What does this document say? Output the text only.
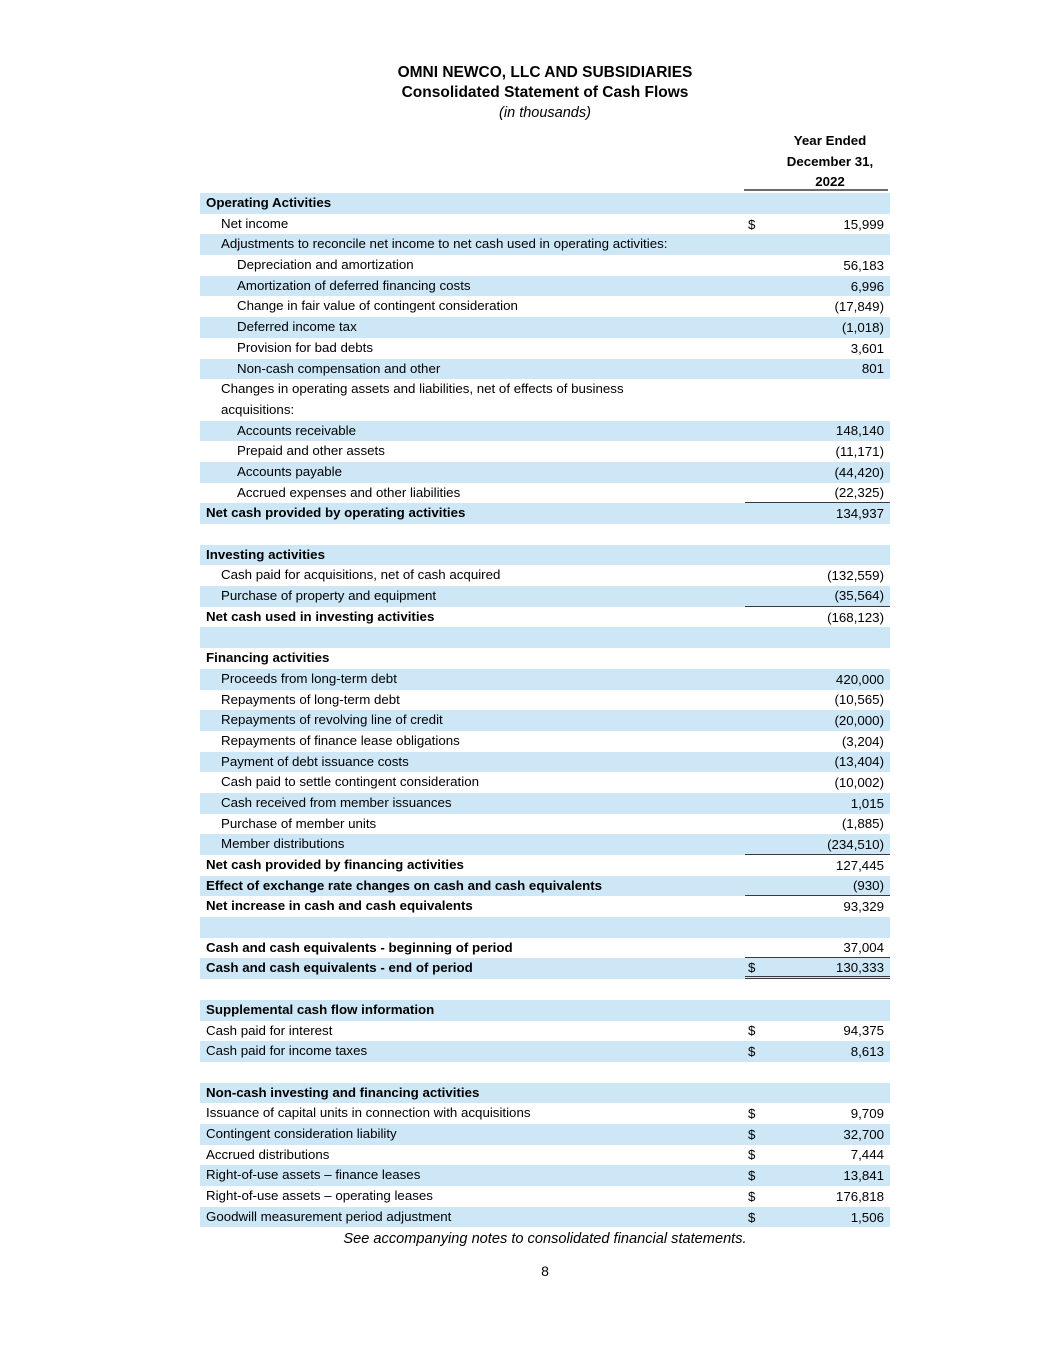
OMNI NEWCO, LLC AND SUBSIDIARIES
Consolidated Statement of Cash Flows
(in thousands)
Year Ended
December 31,
2022
Operating Activities
Net income	$	15,999
Adjustments to reconcile net income to net cash used in operating activities:
Depreciation and amortization	56,183
Amortization of deferred financing costs	6,996
Change in fair value of contingent consideration	(17,849)
Deferred income tax	(1,018)
Provision for bad debts	3,601
Non-cash compensation and other	801
Changes in operating assets and liabilities, net of effects of business
acquisitions:
Accounts receivable	148,140
Prepaid and other assets	(11,171)
Accounts payable	(44,420)
Accrued expenses and other liabilities	(22,325)
Net cash provided by operating activities	134,937
Investing activities
Cash paid for acquisitions, net of cash acquired	(132,559)
Purchase of property and equipment	(35,564)
Net cash used in investing activities	(168,123)
Financing activities
Proceeds from long-term debt	420,000
Repayments of long-term debt	(10,565)
Repayments of revolving line of credit	(20,000)
Repayments of finance lease obligations	(3,204)
Payment of debt issuance costs	(13,404)
Cash paid to settle contingent consideration	(10,002)
Cash received from member issuances	1,015
Purchase of member units	(1,885)
Member distributions	(234,510)
Net cash provided by financing activities	127,445
Effect of exchange rate changes on cash and cash equivalents	(930)
Net increase in cash and cash equivalents	93,329
Cash and cash equivalents - beginning of period	37,004
Cash and cash equivalents - end of period	$	130,333
Supplemental cash flow information
Cash paid for interest	$	94,375
Cash paid for income taxes	$	8,613
Non-cash investing and financing activities
Issuance of capital units in connection with acquisitions	$	9,709
Contingent consideration liability	$	32,700
Accrued distributions	$	7,444
Right-of-use assets – finance leases	$	13,841
Right-of-use assets – operating leases	$	176,818
Goodwill measurement period adjustment	$	1,506
See accompanying notes to consolidated financial statements.
8
